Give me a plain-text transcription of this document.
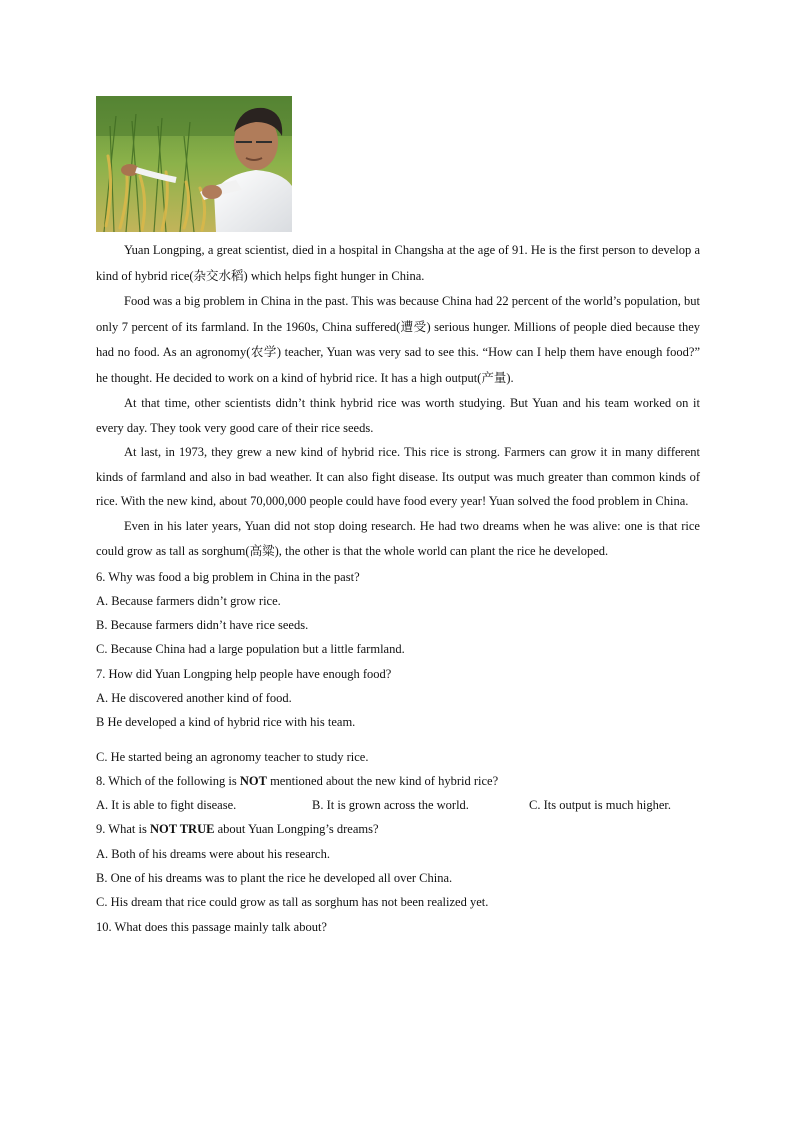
Yuan Longping, a great scientist, died in a hospital in Changsha at the age of 91. He is the first person to develop a kind of hybrid rice(杂交水稻) which helps fight hunger in China.

Food was a big problem in China in the past. This was because China had 22 percent of the world’s population, but only 7 percent of its farmland. In the 1960s, China suffered(遭受) serious hunger. Millions of people died because they had no food. As an agronomy(农学) teacher, Yuan was very sad to see this. “How can I help them have enough food?” he thought. He decided to work on a kind of hybrid rice. It has a high output(产量).

At that time, other scientists didn’t think hybrid rice was worth studying. But Yuan and his team worked on it every day. They took very good care of their rice seeds.

At last, in 1973, they grew a new kind of hybrid rice. This rice is strong. Farmers can grow it in many different kinds of farmland and also in bad weather. It can also fight disease. Its output was much greater than common kinds of rice. With the new kind, about 70,000,000 people could have food every year! Yuan solved the food problem in China.

Even in his later years, Yuan did not stop doing research. He had two dreams when he was alive: one is that rice could grow as tall as sorghum(高粱), the other is that the whole world can plant the rice he developed.

6. Why was food a big problem in China in the past?

A. Because farmers didn’t grow rice.

B. Because farmers didn’t have rice seeds.

C. Because China had a large population but a little farmland.

7. How did Yuan Longping help people have enough food?

A. He discovered another kind of food.

B He developed a kind of hybrid rice with his team.

C. He started being an agronomy teacher to study rice.

8. Which of the following is NOT mentioned about the new kind of hybrid rice?

A. It is able to fight disease.	B. It is grown across the world.	C. Its output is much higher.

9. What is NOT TRUE about Yuan Longping’s dreams?

A. Both of his dreams were about his research.

B. One of his dreams was to plant the rice he developed all over China.

C. His dream that rice could grow as tall as sorghum has not been realized yet.

10. What does this passage mainly talk about?
